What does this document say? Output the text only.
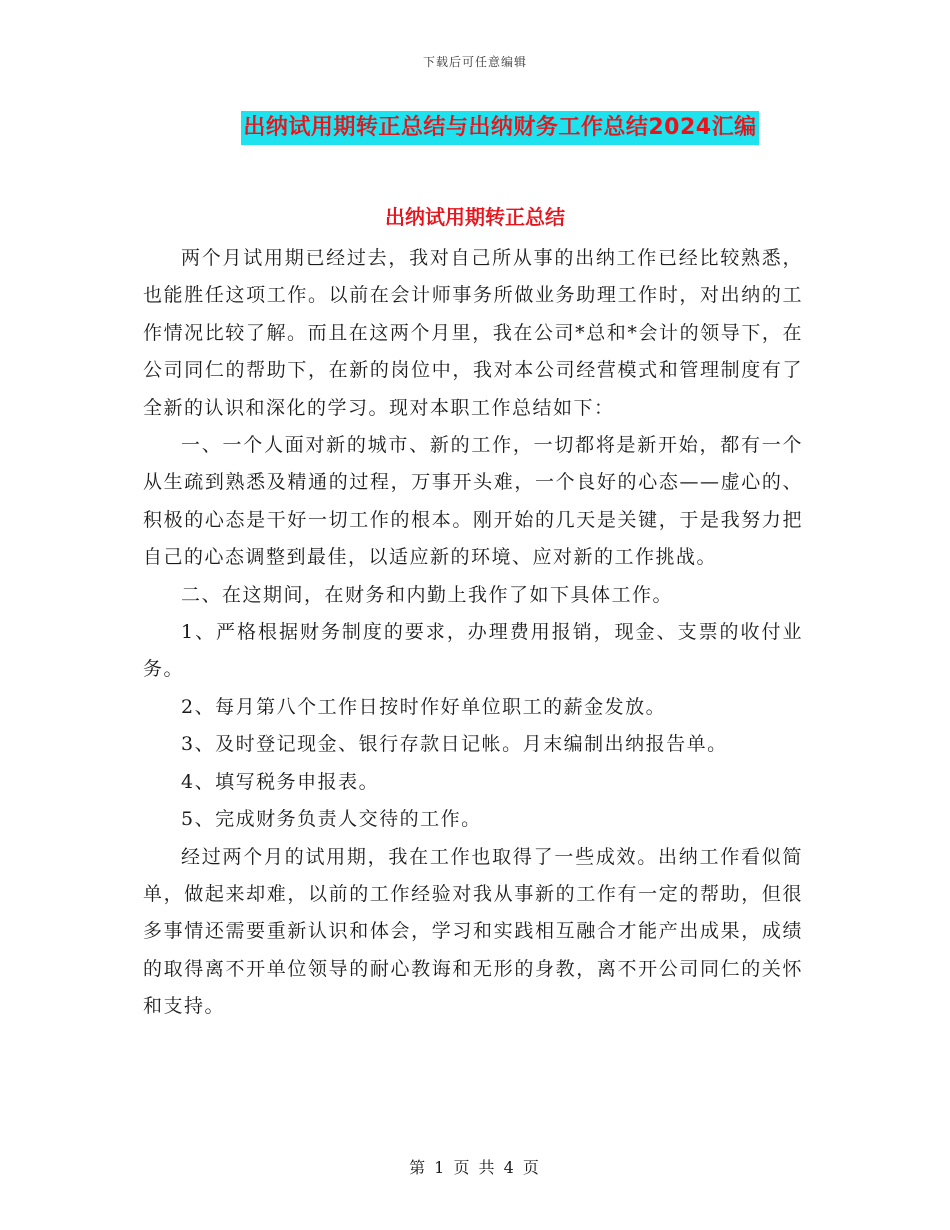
下载后可任意编辑
出纳试用期转正总结与出纳财务工作总结2024汇编
出纳试用期转正总结

两个月试用期已经过去，我对自己所从事的出纳工作已经比较熟悉，也能胜任这项工作。以前在会计师事务所做业务助理工作时，对出纳的工作情况比较了解。而且在这两个月里，我在公司*总和*会计的领导下，在公司同仁的帮助下，在新的岗位中，我对本公司经营模式和管理制度有了全新的认识和深化的学习。现对本职工作总结如下：

一、一个人面对新的城市、新的工作，一切都将是新开始，都有一个从生疏到熟悉及精通的过程，万事开头难，一个良好的心态——虚心的、积极的心态是干好一切工作的根本。刚开始的几天是关键，于是我努力把自己的心态调整到最佳，以适应新的环境、应对新的工作挑战。

二、在这期间，在财务和内勤上我作了如下具体工作。

1、严格根据财务制度的要求，办理费用报销，现金、支票的收付业务。

2、每月第八个工作日按时作好单位职工的薪金发放。

3、及时登记现金、银行存款日记帐。月末编制出纳报告单。

4、填写税务申报表。

5、完成财务负责人交待的工作。

经过两个月的试用期，我在工作也取得了一些成效。出纳工作看似简单，做起来却难，以前的工作经验对我从事新的工作有一定的帮助，但很多事情还需要重新认识和体会，学习和实践相互融合才能产出成果，成绩的取得离不开单位领导的耐心教诲和无形的身教，离不开公司同仁的关怀和支持。

第 1 页 共 4 页
